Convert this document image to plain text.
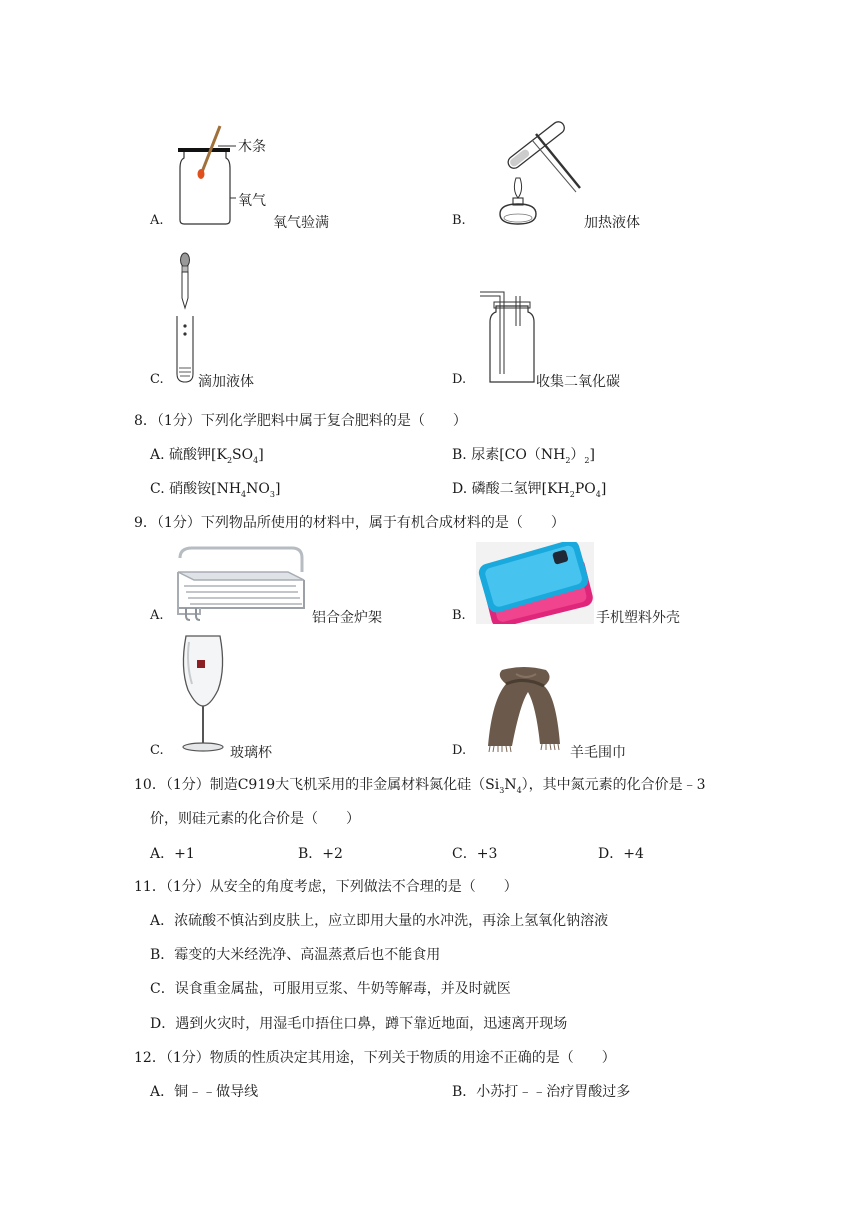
A.
木条
氧气
氧气验满	B.	加热液体
C. 滴加液体	D.	收集二氧化碳
8．（1分）下列化学肥料中属于复合肥料的是（　　）
A. 硫酸钾$[K_2SO_4]$	B. 尿素$[CO(NH_2)_2]$
C. 硝酸铵$[NH_4NO_3]$	D. 磷酸二氢钾$[KH_2PO_4]$
9．（1分）下列物品所使用的材料中，属于有机合成材料的是（　　）
A.	铝合金炉架	B.	手机塑料外壳
C.	玻璃杯	D.	羊毛围巾
10．（1分）制造C919大飞机采用的非金属材料氮化硅$(Si_3N_4)$，其中氮元素的化合价是﹣3
价，则硅元素的化合价是（　　）
A．+1	B．+2	C．+3	D．+4
11．（1分）从安全的角度考虑，下列做法不合理的是（　　）
A．浓硫酸不慎沾到皮肤上，应立即用大量的水冲洗，再涂上氢氧化钠溶液
B．霉变的大米经洗净、高温蒸煮后也不能食用
C．误食重金属盐，可服用豆浆、牛奶等解毒，并及时就医
D．遇到火灾时，用湿毛巾捂住口鼻，蹲下靠近地面，迅速离开现场
12．（1分）物质的性质决定其用途，下列关于物质的用途不正确的是（　　）
A．铜﹣﹣做导线	B．小苏打﹣﹣治疗胃酸过多
